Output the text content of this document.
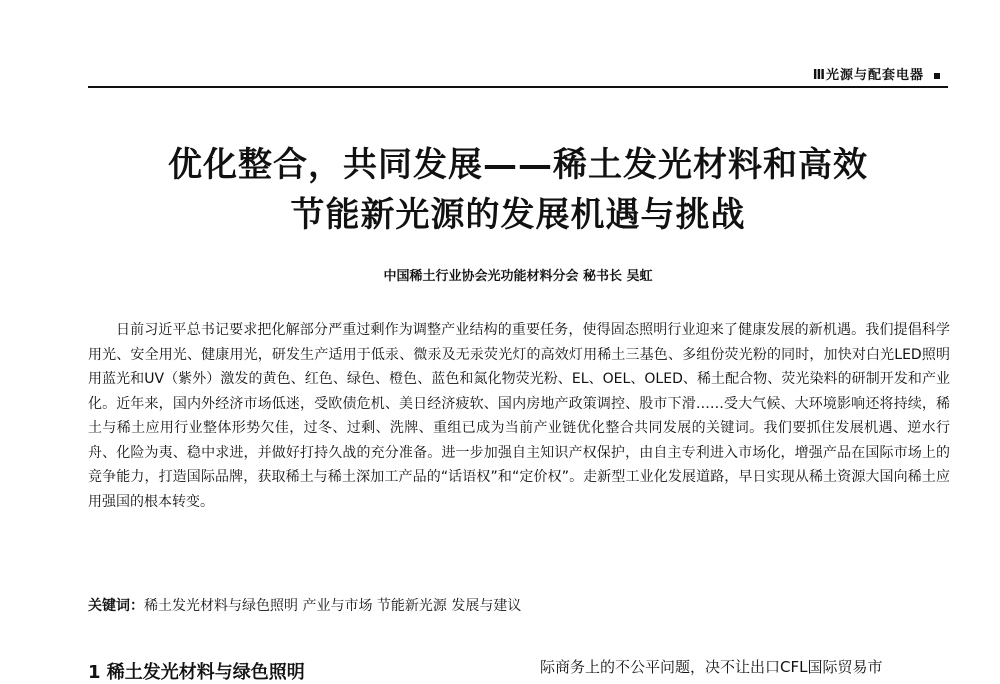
Ⅲ光源与配套电器
优化整合，共同发展——稀土发光材料和高效
节能新光源的发展机遇与挑战
中国稀土行业协会光功能材料分会 秘书长 吴虹
日前习近平总书记要求把化解部分严重过剩作为调整产业结构的重要任务，使得固态照明行业迎来了健康发展的新机遇。我们提倡科学用光、安全用光、健康用光，研发生产适用于低汞、微汞及无汞荧光灯的高效灯用稀土三基色、多组份荧光粉的同时，加快对白光LED照明用蓝光和UV（紫外）激发的黄色、红色、绿色、橙色、蓝色和氮化物荧光粉、EL、OEL、OLED、稀土配合物、荧光染料的研制开发和产业化。近年来，国内外经济市场低迷，受欧债危机、美日经济疲软、国内房地产政策调控、股市下滑……受大气候、大环境影响还将持续，稀土与稀土应用行业整体形势欠佳，过冬、过剩、洗牌、重组已成为当前产业链优化整合共同发展的关键词。我们要抓住发展机遇、逆水行舟、化险为夷、稳中求进，并做好打持久战的充分准备。进一步加强自主知识产权保护，由自主专利进入市场化，增强产品在国际市场上的竞争能力，打造国际品牌，获取稀土与稀土深加工产品的“话语权”和“定价权”。走新型工业化发展道路，早日实现从稀土资源大国向稀土应用强国的根本转变。
关键词：稀土发光材料与绿色照明 产业与市场 节能新光源 发展与建议
1 稀土发光材料与绿色照明	际商务上的不公平问题，决不让出口CFL国际贸易市
